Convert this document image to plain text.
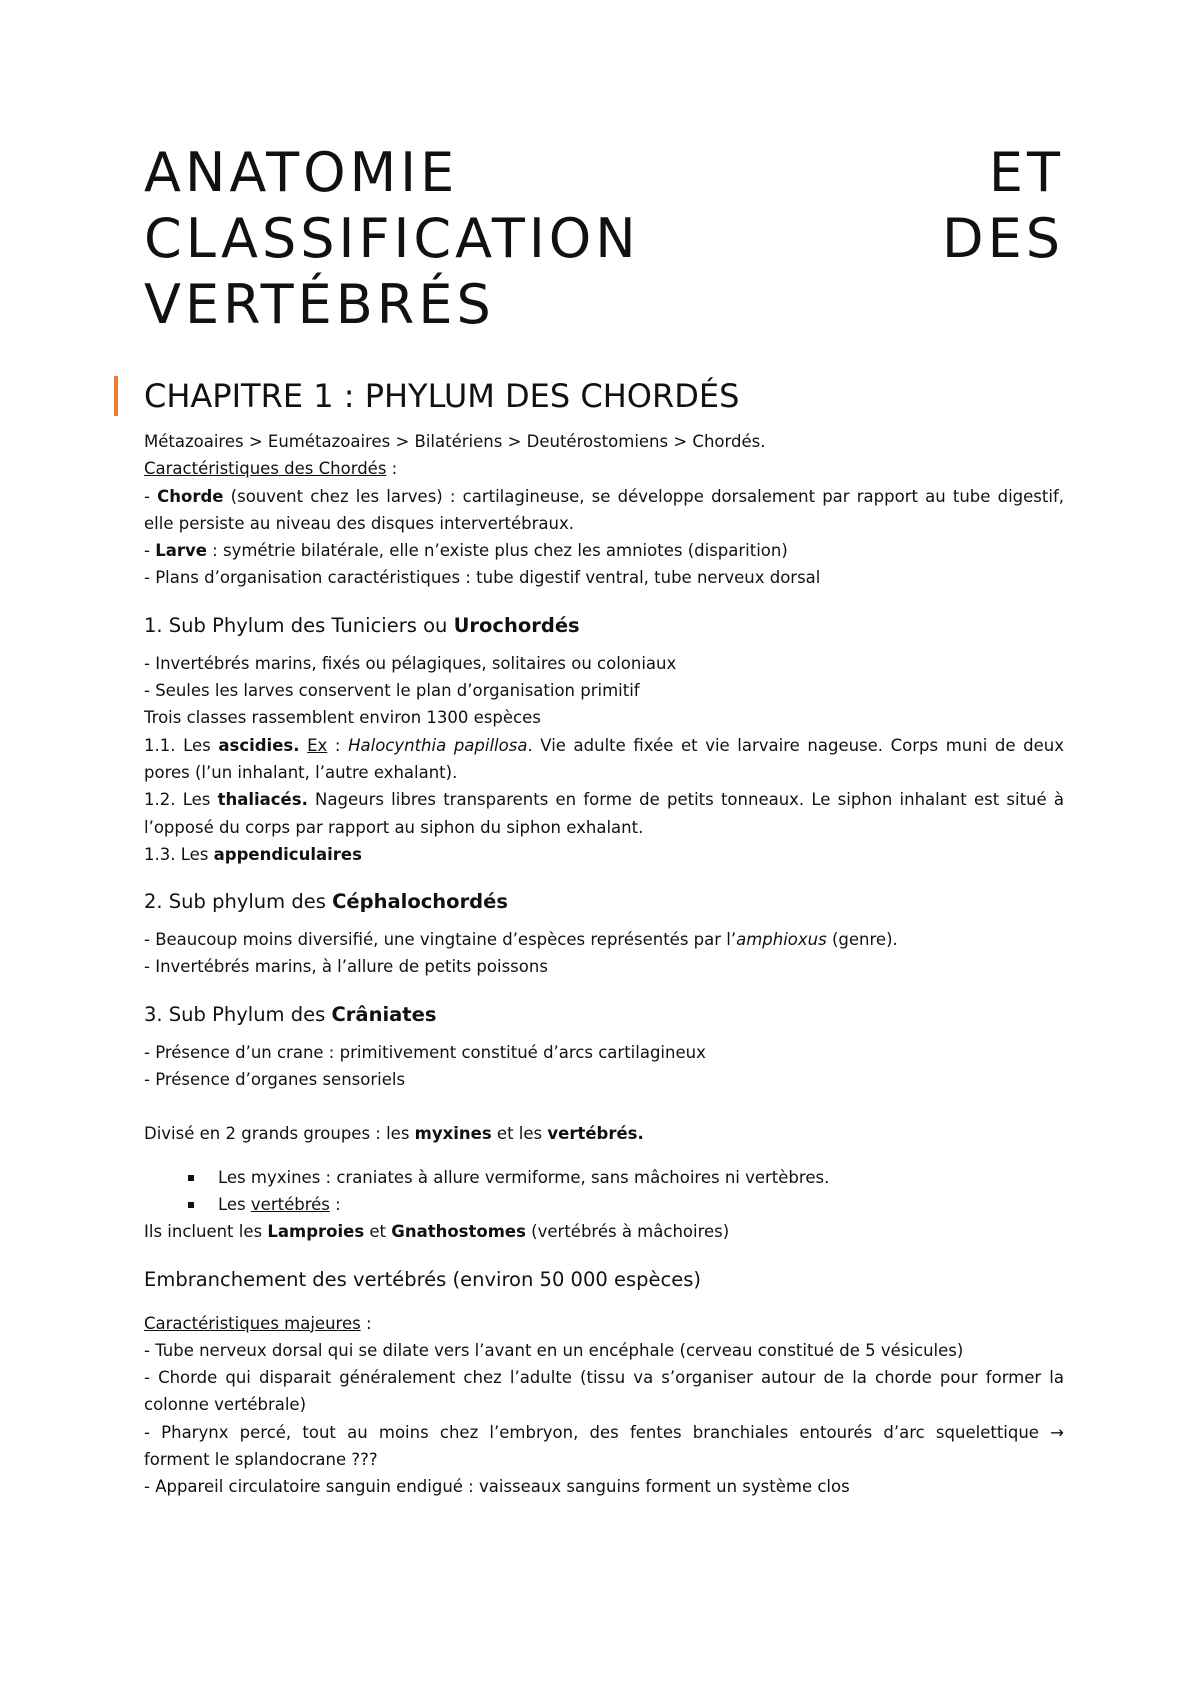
ANATOMIE	ET
CLASSIFICATION	DES
VERTÉBRÉS
CHAPITRE 1 : PHYLUM DES CHORDÉS
Métazoaires > Eumétazoaires > Bilatériens > Deutérostomiens > Chordés.
Caractéristiques des Chordés :
- Chorde (souvent chez les larves) : cartilagineuse, se développe dorsalement par rapport au tube digestif, elle persiste au niveau des disques intervertébraux.
- Larve : symétrie bilatérale, elle n’existe plus chez les amniotes (disparition)
- Plans d’organisation caractéristiques : tube digestif ventral, tube nerveux dorsal
1. Sub Phylum des Tuniciers ou Urochordés
- Invertébrés marins, fixés ou pélagiques, solitaires ou coloniaux
- Seules les larves conservent le plan d’organisation primitif
Trois classes rassemblent environ 1300 espèces
1.1. Les ascidies. Ex : Halocynthia papillosa. Vie adulte fixée et vie larvaire nageuse. Corps muni de deux pores (l’un inhalant, l’autre exhalant).
1.2. Les thaliacés. Nageurs libres transparents en forme de petits tonneaux. Le siphon inhalant est situé à l’opposé du corps par rapport au siphon du siphon exhalant.
1.3. Les appendiculaires
2. Sub phylum des Céphalochordés
- Beaucoup moins diversifié, une vingtaine d’espèces représentés par l’amphioxus (genre).
- Invertébrés marins, à l’allure de petits poissons
3. Sub Phylum des Crâniates
- Présence d’un crane : primitivement constitué d’arcs cartilagineux
- Présence d’organes sensoriels
Divisé en 2 grands groupes : les myxines et les vertébrés.
Les myxines : craniates à allure vermiforme, sans mâchoires ni vertèbres.
Les vertébrés :
Ils incluent les Lamproies et Gnathostomes (vertébrés à mâchoires)
Embranchement des vertébrés (environ 50 000 espèces)
Caractéristiques majeures :
- Tube nerveux dorsal qui se dilate vers l’avant en un encéphale (cerveau constitué de 5 vésicules)
- Chorde qui disparait généralement chez l’adulte (tissu va s’organiser autour de la chorde pour former la colonne vertébrale)
- Pharynx percé, tout au moins chez l’embryon, des fentes branchiales entourés d’arc squelettique →
forment le splandocrane ???
- Appareil circulatoire sanguin endigué : vaisseaux sanguins forment un système clos
